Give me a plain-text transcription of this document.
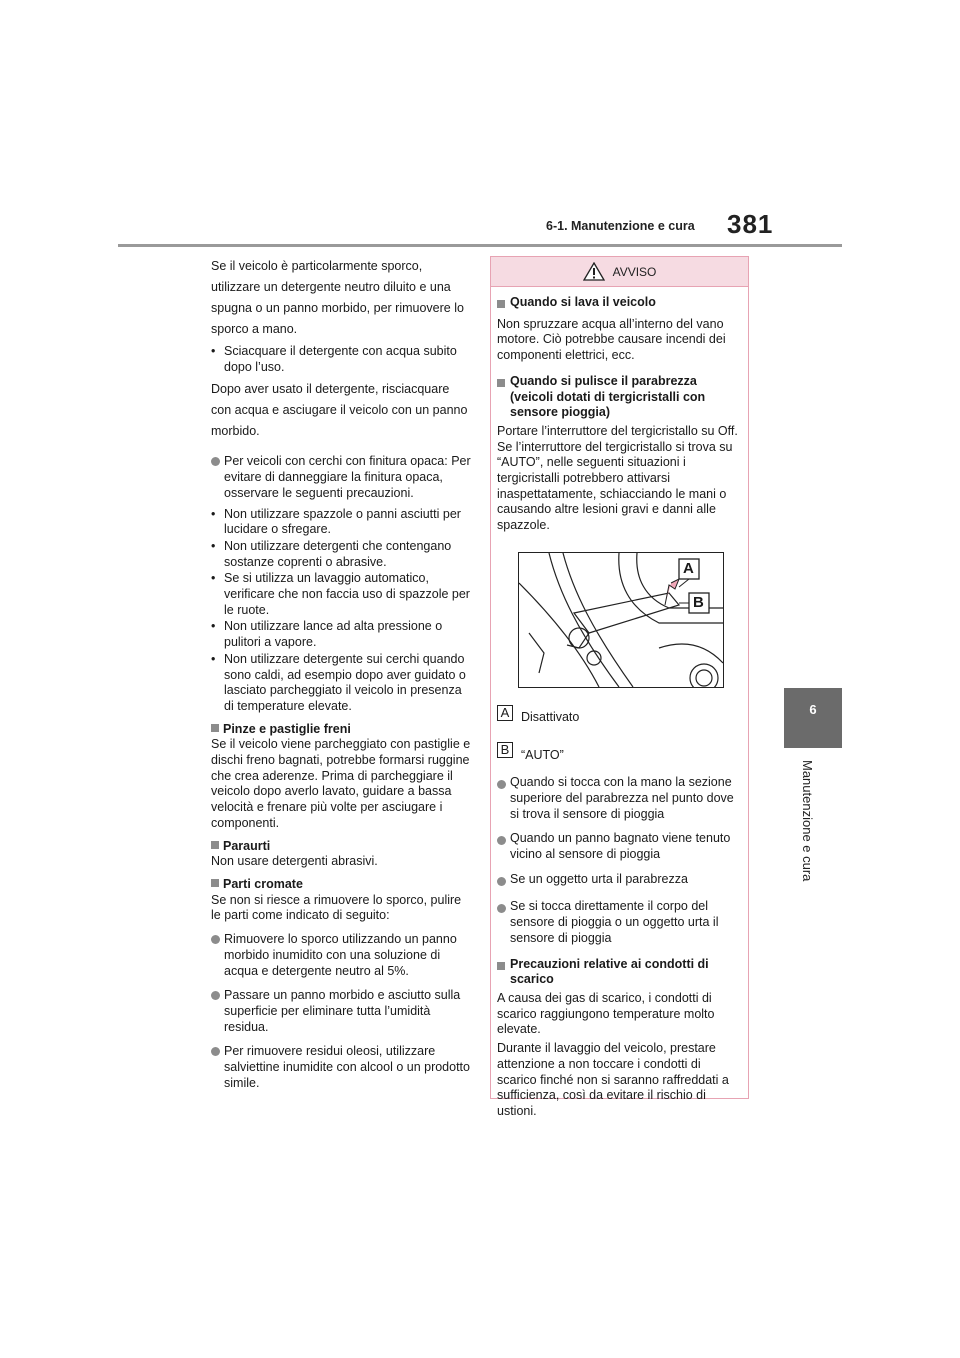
6-1. Manutenzione e cura 381
6
Manutenzione e cura

Se il veicolo è particolarmente sporco, utilizzare un detergente neutro diluito e una spugna o un panno morbido, per rimuovere lo sporco a mano.

• Sciacquare il detergente con acqua subito dopo l’uso.

Dopo aver usato il detergente, risciacquare con acqua e asciugare il veicolo con un panno morbido.

Per veicoli con cerchi con finitura opaca: Per evitare di danneggiare la finitura opaca, osservare le seguenti precauzioni.
• Non utilizzare spazzole o panni asciutti per lucidare o sfregare.
• Non utilizzare detergenti che contengano sostanze coprenti o abrasive.
• Se si utilizza un lavaggio automatico, verificare che non faccia uso di spazzole per le ruote.
• Non utilizzare lance ad alta pressione o pulitori a vapore.
• Non utilizzare detergente sui cerchi quando sono caldi, ad esempio dopo aver guidato o lasciato parcheggiato il veicolo in presenza di temperature elevate.

Pinze e pastiglie freni

Se il veicolo viene parcheggiato con pastiglie e dischi freno bagnati, potrebbe formarsi ruggine che crea aderenze. Prima di parcheggiare il veicolo dopo averlo lavato, guidare a bassa velocità e frenare più volte per asciugare i componenti.

Paraurti

Non usare detergenti abrasivi.

Parti cromate

Se non si riesce a rimuovere lo sporco, pulire le parti come indicato di seguito:

Rimuovere lo sporco utilizzando un panno morbido inumidito con una soluzione di acqua e detergente neutro al 5%.
Passare un panno morbido e asciutto sulla superficie per eliminare tutta l’umidità residua.
Per rimuovere residui oleosi, utilizzare salviettine inumidite con alcool o un prodotto simile.
AVVISO

Quando si lava il veicolo

Non spruzzare acqua all’interno del vano motore. Ciò potrebbe causare incendi dei componenti elettrici, ecc.

Quando si pulisce il parabrezza (veicoli dotati di tergicristalli con sensore pioggia)

Portare l’interruttore del tergicristallo su Off.

Se l’interruttore del tergicristallo si trova su “AUTO”, nelle seguenti situazioni i tergicristalli potrebbero attivarsi inaspettatamente, schiacciando le mani o causando altre lesioni gravi e danni alle spazzole.

A
B
A Disattivato
B “AUTO”
Quando si tocca con la mano la sezione superiore del parabrezza nel punto dove si trova il sensore di pioggia
Quando un panno bagnato viene tenuto vicino al sensore di pioggia
Se un oggetto urta il parabrezza
Se si tocca direttamente il corpo del sensore di pioggia o un oggetto urta il sensore di pioggia

Precauzioni relative ai condotti di scarico

A causa dei gas di scarico, i condotti di scarico raggiungono temperature molto elevate.

Durante il lavaggio del veicolo, prestare attenzione a non toccare i condotti di scarico finché non si saranno raffreddati a sufficienza, così da evitare il rischio di ustioni.
